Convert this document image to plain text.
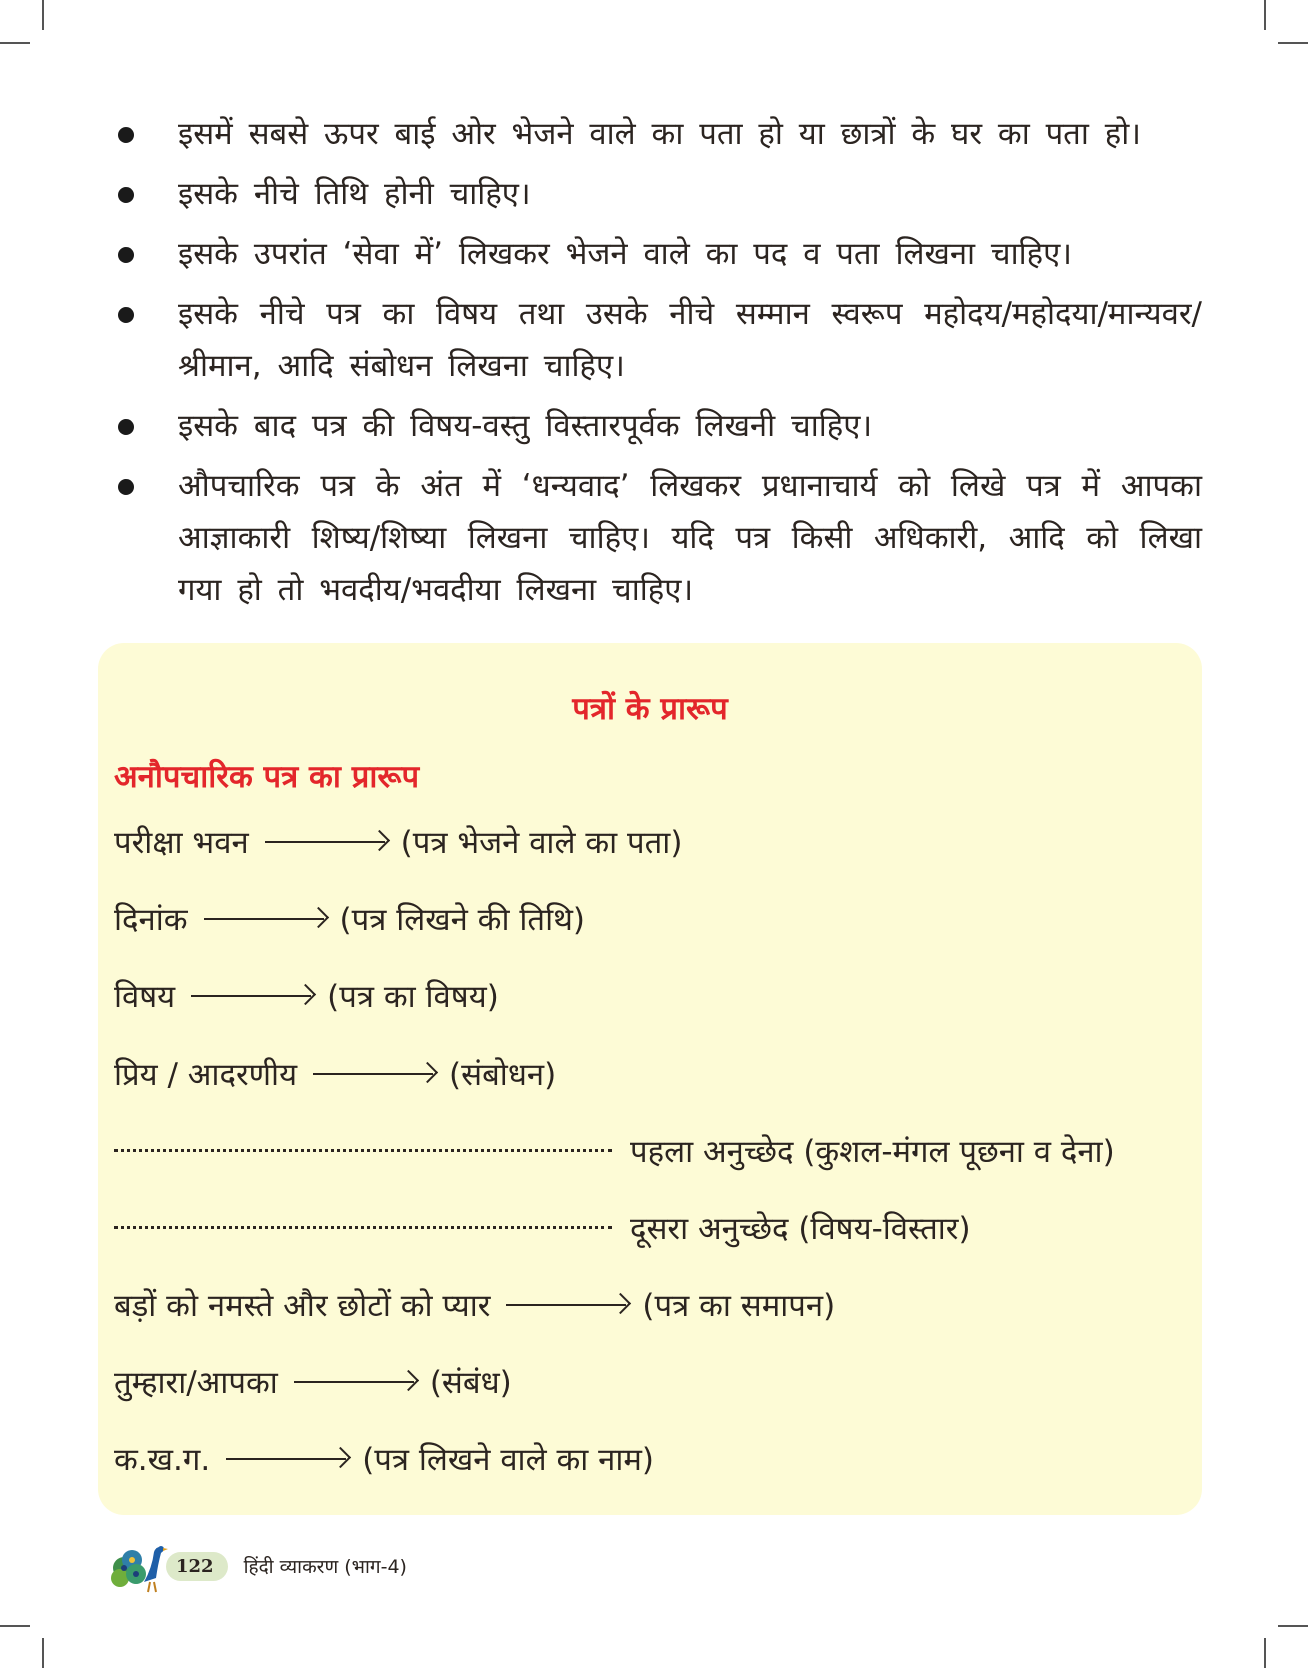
इसमें सबसे ऊपर बाई ओर भेजने वाले का पता हो या छात्रों के घर का पता हो।
इसके नीचे तिथि होनी चाहिए।
इसके उपरांत ‘सेवा में’ लिखकर भेजने वाले का पद व पता लिखना चाहिए।
इसके नीचे पत्र का विषय तथा उसके नीचे सम्मान स्वरूप महोदय/महोदया/मान्यवर/ श्रीमान, आदि संबोधन लिखना चाहिए।
इसके बाद पत्र की विषय-वस्तु विस्तारपूर्वक लिखनी चाहिए।
औपचारिक पत्र के अंत में ‘धन्यवाद’ लिखकर प्रधानाचार्य को लिखे पत्र में आपका आज्ञाकारी शिष्य/शिष्या लिखना चाहिए। यदि पत्र किसी अधिकारी, आदि को लिखा गया हो तो भवदीय/भवदीया लिखना चाहिए।
पत्रों के प्रारूप
अनौपचारिक पत्र का प्रारूप
परीक्षा भवन	(पत्र भेजने वाले का पता)
दिनांक	(पत्र लिखने की तिथि)
विषय	(पत्र का विषय)
प्रिय / आदरणीय	(संबोधन)
पहला अनुच्छेद (कुशल-मंगल पूछना व देना)
दूसरा अनुच्छेद (विषय-विस्तार)
बड़ों को नमस्ते और छोटों को प्यार	(पत्र का समापन)
तुम्हारा/आपका	(संबंध)
क.ख.ग.	(पत्र लिखने वाले का नाम)
122	हिंदी व्याकरण (भाग-4)
